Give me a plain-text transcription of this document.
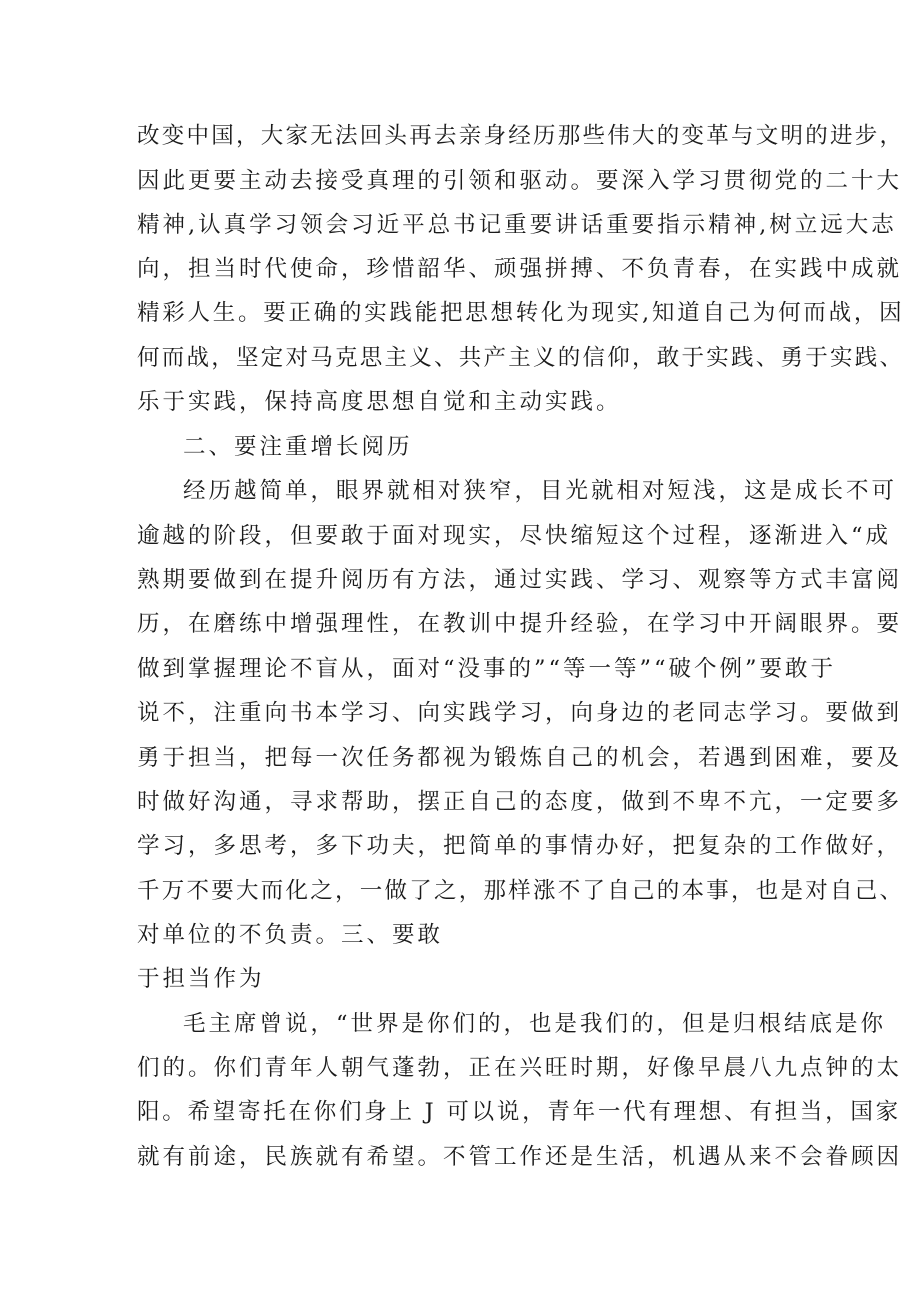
改变中国，大家无法回头再去亲身经历那些伟大的变革与文明的进步，
因此更要主动去接受真理的引领和驱动。要深入学习贯彻党的二十大
精神,认真学习领会习近平总书记重要讲话重要指示精神,树立远大志
向，担当时代使命，珍惜韶华、顽强拼搏、不负青春，在实践中成就
精彩人生。要正确的实践能把思想转化为现实,知道自己为何而战，因
何而战，坚定对马克思主义、共产主义的信仰，敢于实践、勇于实践、
乐于实践，保持高度思想自觉和主动实践。
二、要注重增长阅历
经历越简单，眼界就相对狭窄，目光就相对短浅，这是成长不可
逾越的阶段，但要敢于面对现实，尽快缩短这个过程，逐渐进入“成
熟期要做到在提升阅历有方法，通过实践、学习、观察等方式丰富阅
历，在磨练中增强理性，在教训中提升经验，在学习中开阔眼界。要
做到掌握理论不盲从，面对“没事的”“等一等”“破个例”要敢于
说不，注重向书本学习、向实践学习，向身边的老同志学习。要做到
勇于担当，把每一次任务都视为锻炼自己的机会，若遇到困难，要及
时做好沟通，寻求帮助，摆正自己的态度，做到不卑不亢，一定要多
学习，多思考，多下功夫，把简单的事情办好，把复杂的工作做好，
千万不要大而化之，一做了之，那样涨不了自己的本事，也是对自己、
对单位的不负责。三、要敢
于担当作为
毛主席曾说，“世界是你们的，也是我们的，但是归根结底是你
们的。你们青年人朝气蓬勃，正在兴旺时期，好像早晨八九点钟的太
阳。希望寄托在你们身上 J 可以说，青年一代有理想、有担当，国家
就有前途，民族就有希望。不管工作还是生活，机遇从来不会眷顾因
